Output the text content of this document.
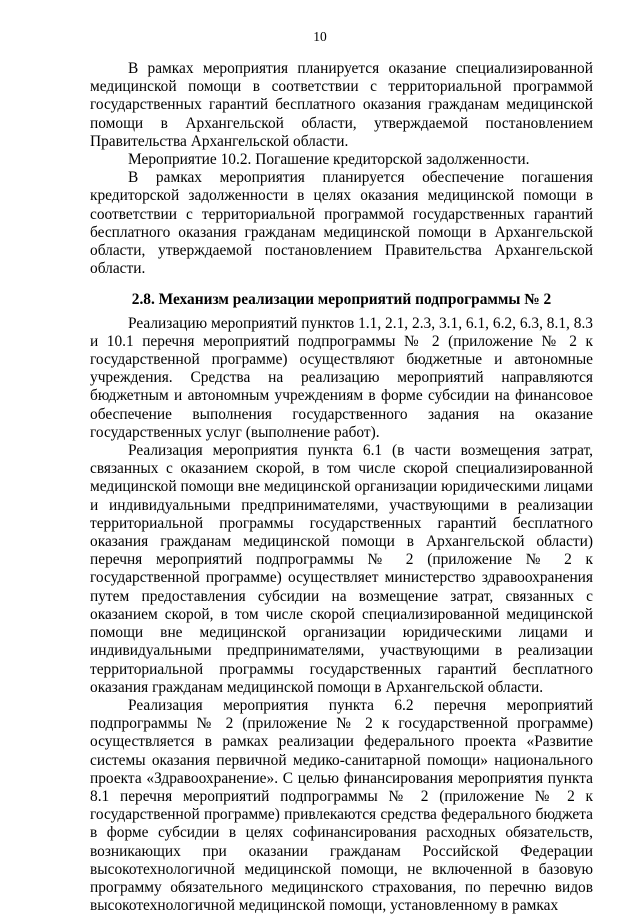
10

В рамках мероприятия планируется оказание специализированной медицинской помощи в соответствии с территориальной программой государственных гарантий бесплатного оказания гражданам медицинской помощи в Архангельской области, утверждаемой постановлением Правительства Архангельской области.

Мероприятие 10.2. Погашение кредиторской задолженности.

В рамках мероприятия планируется обеспечение погашения кредиторской задолженности в целях оказания медицинской помощи в соответствии с территориальной программой государственных гарантий бесплатного оказания гражданам медицинской помощи в Архангельской области, утверждаемой постановлением Правительства Архангельской области.

2.8. Механизм реализации мероприятий подпрограммы № 2

Реализацию мероприятий пунктов 1.1, 2.1, 2.3, 3.1, 6.1, 6.2, 6.3, 8.1, 8.3 и 10.1 перечня мероприятий подпрограммы № 2 (приложение № 2 к государственной программе) осуществляют бюджетные и автономные учреждения. Средства на реализацию мероприятий направляются бюджетным и автономным учреждениям в форме субсидии на финансовое обеспечение выполнения государственного задания на оказание государственных услуг (выполнение работ).

Реализация мероприятия пункта 6.1 (в части возмещения затрат, связанных с оказанием скорой, в том числе скорой специализированной медицинской помощи вне медицинской организации юридическими лицами и индивидуальными предпринимателями, участвующими в реализации территориальной программы государственных гарантий бесплатного оказания гражданам медицинской помощи в Архангельской области) перечня мероприятий подпрограммы № 2 (приложение № 2 к государственной программе) осуществляет министерство здравоохранения путем предоставления субсидии на возмещение затрат, связанных с оказанием скорой, в том числе скорой специализированной медицинской помощи вне медицинской организации юридическими лицами и индивидуальными предпринимателями, участвующими в реализации территориальной программы государственных гарантий бесплатного оказания гражданам медицинской помощи в Архангельской области.

Реализация мероприятия пункта 6.2 перечня мероприятий подпрограммы № 2 (приложение № 2 к государственной программе) осуществляется в рамках реализации федерального проекта «Развитие системы оказания первичной медико-санитарной помощи» национального проекта «Здравоохранение». С целью финансирования мероприятия пункта 8.1 перечня мероприятий подпрограммы № 2 (приложение № 2 к государственной программе) привлекаются средства федерального бюджета в форме субсидии в целях софинансирования расходных обязательств, возникающих при оказании гражданам Российской Федерации высокотехнологичной медицинской помощи, не включенной в базовую программу обязательного медицинского страхования, по перечню видов высокотехнологичной медицинской помощи, установленному в рамках
